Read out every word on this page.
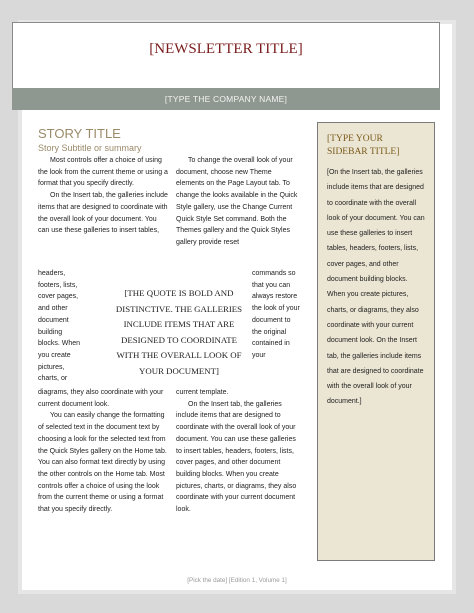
[NEWSLETTER TITLE]
[TYPE THE COMPANY NAME]
STORY TITLE
Story Subtitle or summary

Most controls offer a choice of using the look from the current theme or using a format that you specify directly.

On the Insert tab, the galleries include items that are designed to coordinate with the overall look of your document. You can use these galleries to insert tables,

headers, footers, lists, cover pages, and other document building blocks. When you create pictures, charts, or

diagrams, they also coordinate with your current document look.

You can easily change the formatting of selected text in the document text by choosing a look for the selected text from the Quick Styles gallery on the Home tab. You can also format text directly by using the other controls on the Home tab. Most controls offer a choice of using the look from the current theme or using a format that you specify directly.

To change the overall look of your document, choose new Theme elements on the Page Layout tab. To change the looks available in the Quick Style gallery, use the Change Current Quick Style Set command. Both the Themes gallery and the Quick Styles gallery provide reset

commands so that you can always restore the look of your document to the original contained in your

current template.

On the Insert tab, the galleries include items that are designed to coordinate with the overall look of your document. You can use these galleries to insert tables, headers, footers, lists, cover pages, and other document building blocks. When you create pictures, charts, or diagrams, they also coordinate with your current document look.

[THE QUOTE IS BOLD AND DISTINCTIVE. THE GALLERIES INCLUDE ITEMS THAT ARE DESIGNED TO COORDINATE WITH THE OVERALL LOOK OF YOUR DOCUMENT]
[TYPE YOUR SIDEBAR TITLE]
[On the Insert tab, the galleries include items that are designed to coordinate with the overall look of your document. You can use these galleries to insert tables, headers, footers, lists, cover pages, and other document building blocks. When you create pictures, charts, or diagrams, they also coordinate with your current document look. On the Insert tab, the galleries include items that are designed to coordinate with the overall look of your document.]
[Pick the date] [Edition 1, Volume 1]
